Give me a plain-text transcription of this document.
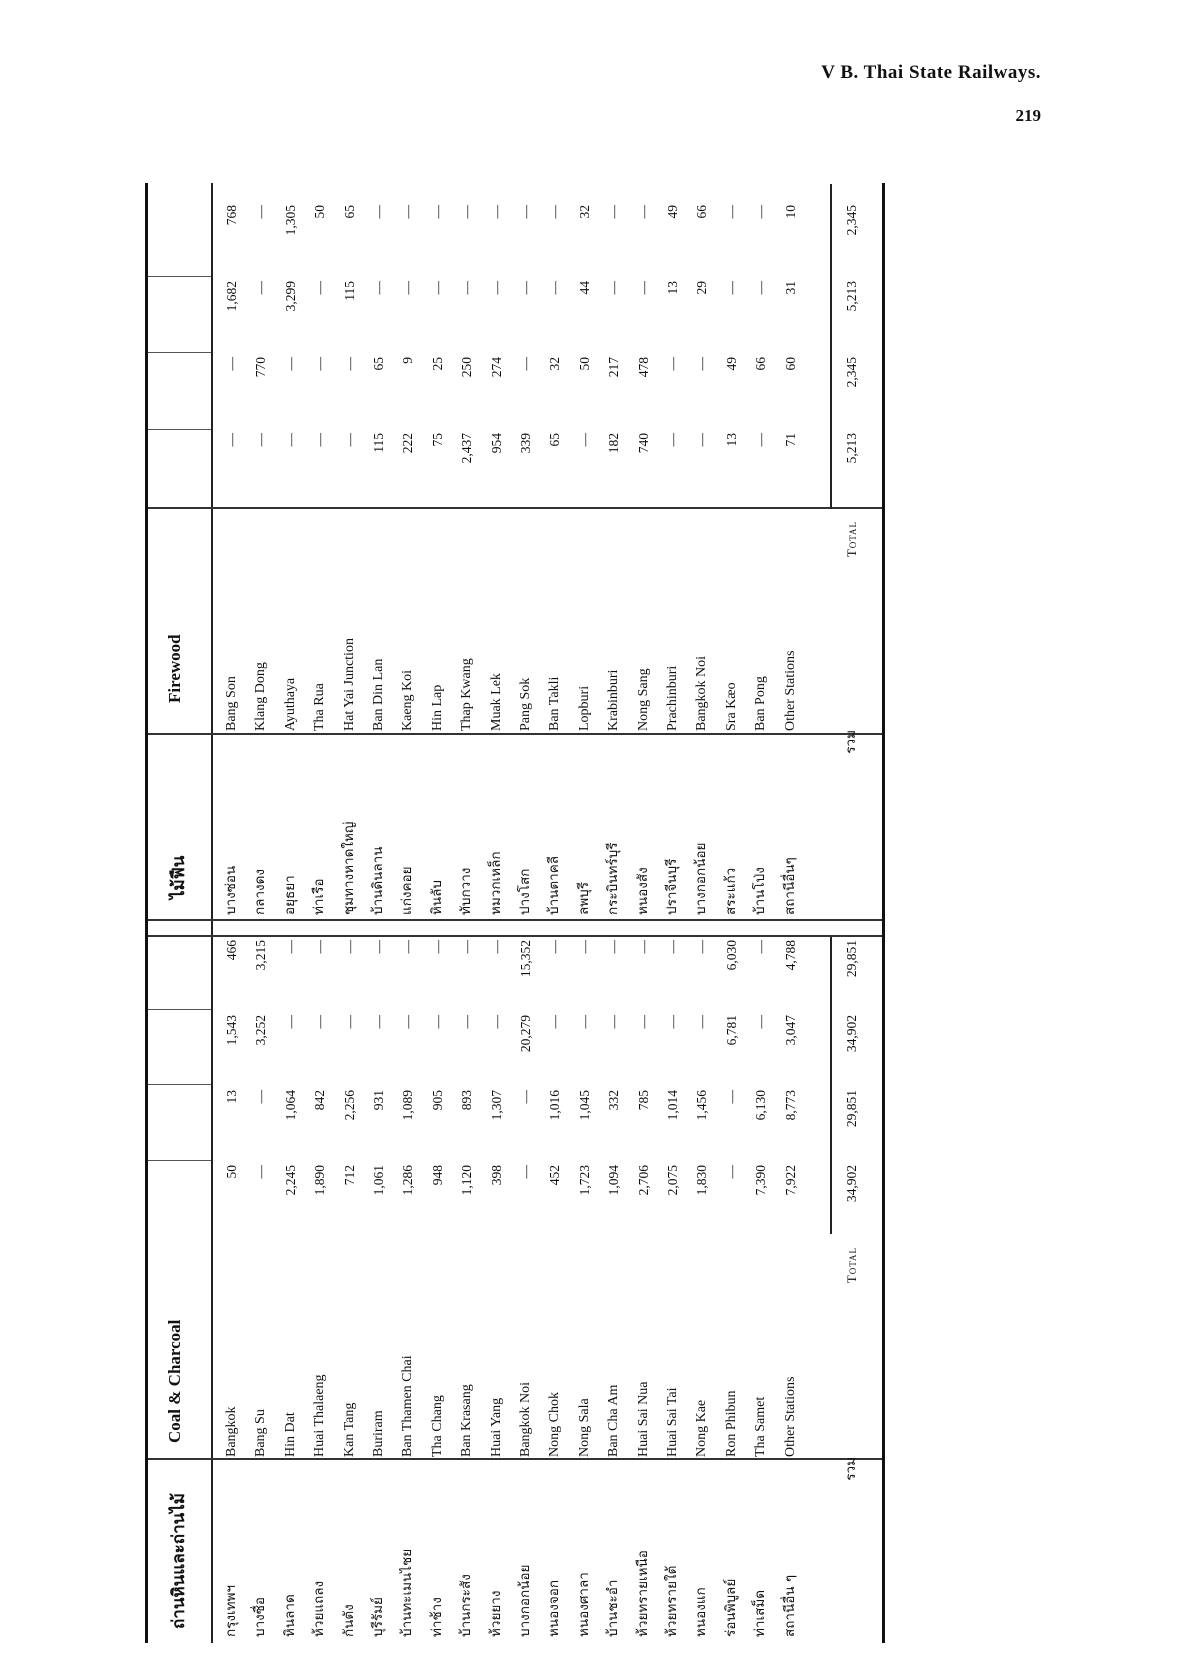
V B. Thai State Railways.
219
ถ่านหินและถ่านไม้
Coal & Charcoal
ไม้ฟืน
Firewood
กรุงเทพฯ
Bangkok
50
13
1,543
466
บางซื่อ
Bang Su
—
—
3,252
3,215
หินลาด
Hin Dat
2,245
1,064
—
—
ห้วยแถลง
Huai Thalaeng
1,890
842
—
—
กันตัง
Kan Tang
712
2,256
—
—
บุรีรัมย์
Buriram
1,061
931
—
—
บ้านทะเมนไชย
Ban Thamen Chai
1,286
1,089
—
—
ท่าช้าง
Tha Chang
948
905
—
—
บ้านกระสัง
Ban Krasang
1,120
893
—
—
ห้วยยาง
Huai Yang
398
1,307
—
—
บางกอกน้อย
Bangkok Noi
—
—
20,279
15,352
หนองจอก
Nong Chok
452
1,016
—
—
หนองศาลา
Nong Sala
1,723
1,045
—
—
บ้านชะอำ
Ban Cha Am
1,094
332
—
—
ห้วยทรายเหนือ
Huai Sai Nua
2,706
785
—
—
ห้วยทรายใต้
Huai Sai Tai
2,075
1,014
—
—
หนองแก
Nong Kae
1,830
1,456
—
—
ร่อนพิบูลย์
Ron Phibun
—
—
6,781
6,030
ท่าเสม็ด
Tha Samet
7,390
6,130
—
—
สถานีอื่น ๆ
Other Stations
7,922
8,773
3,047
4,788
รวม
Total
34,902
29,851
34,902
29,851
บางซ่อน
Bang Son
—
—
1,682
768
กลางดง
Klang Dong
—
770
—
—
อยุธยา
Ayuthaya
—
—
3,299
1,305
ท่าเรือ
Tha Rua
—
—
—
50
ชุมทางหาดใหญ่
Hat Yai Junction
—
—
115
65
บ้านดินลาน
Ban Din Lan
115
65
—
—
แก่งคอย
Kaeng Koi
222
9
—
—
หินลับ
Hin Lap
75
25
—
—
ทับกวาง
Thap Kwang
2,437
250
—
—
หมวกเหล็ก
Muak Lek
954
274
—
—
ปางโสก
Pang Sok
339
—
—
—
บ้านตาคลี
Ban Takli
65
32
—
—
ลพบุรี
Lopburi
—
50
44
32
กระบินทร์บุรี
Krabinburi
182
217
—
—
หนองสัง
Nong Sang
740
478
—
—
ปราจีนบุรี
Prachinburi
—
—
13
49
บางกอกน้อย
Bangkok Noi
—
—
29
66
สระแก้ว
Sra Kæo
13
49
—
—
บ้านโป่ง
Ban Pong
—
66
—
—
สถานีอื่นๆ
Other Stations
71
60
31
10
รวม
Total
5,213
2,345
5,213
2,345
